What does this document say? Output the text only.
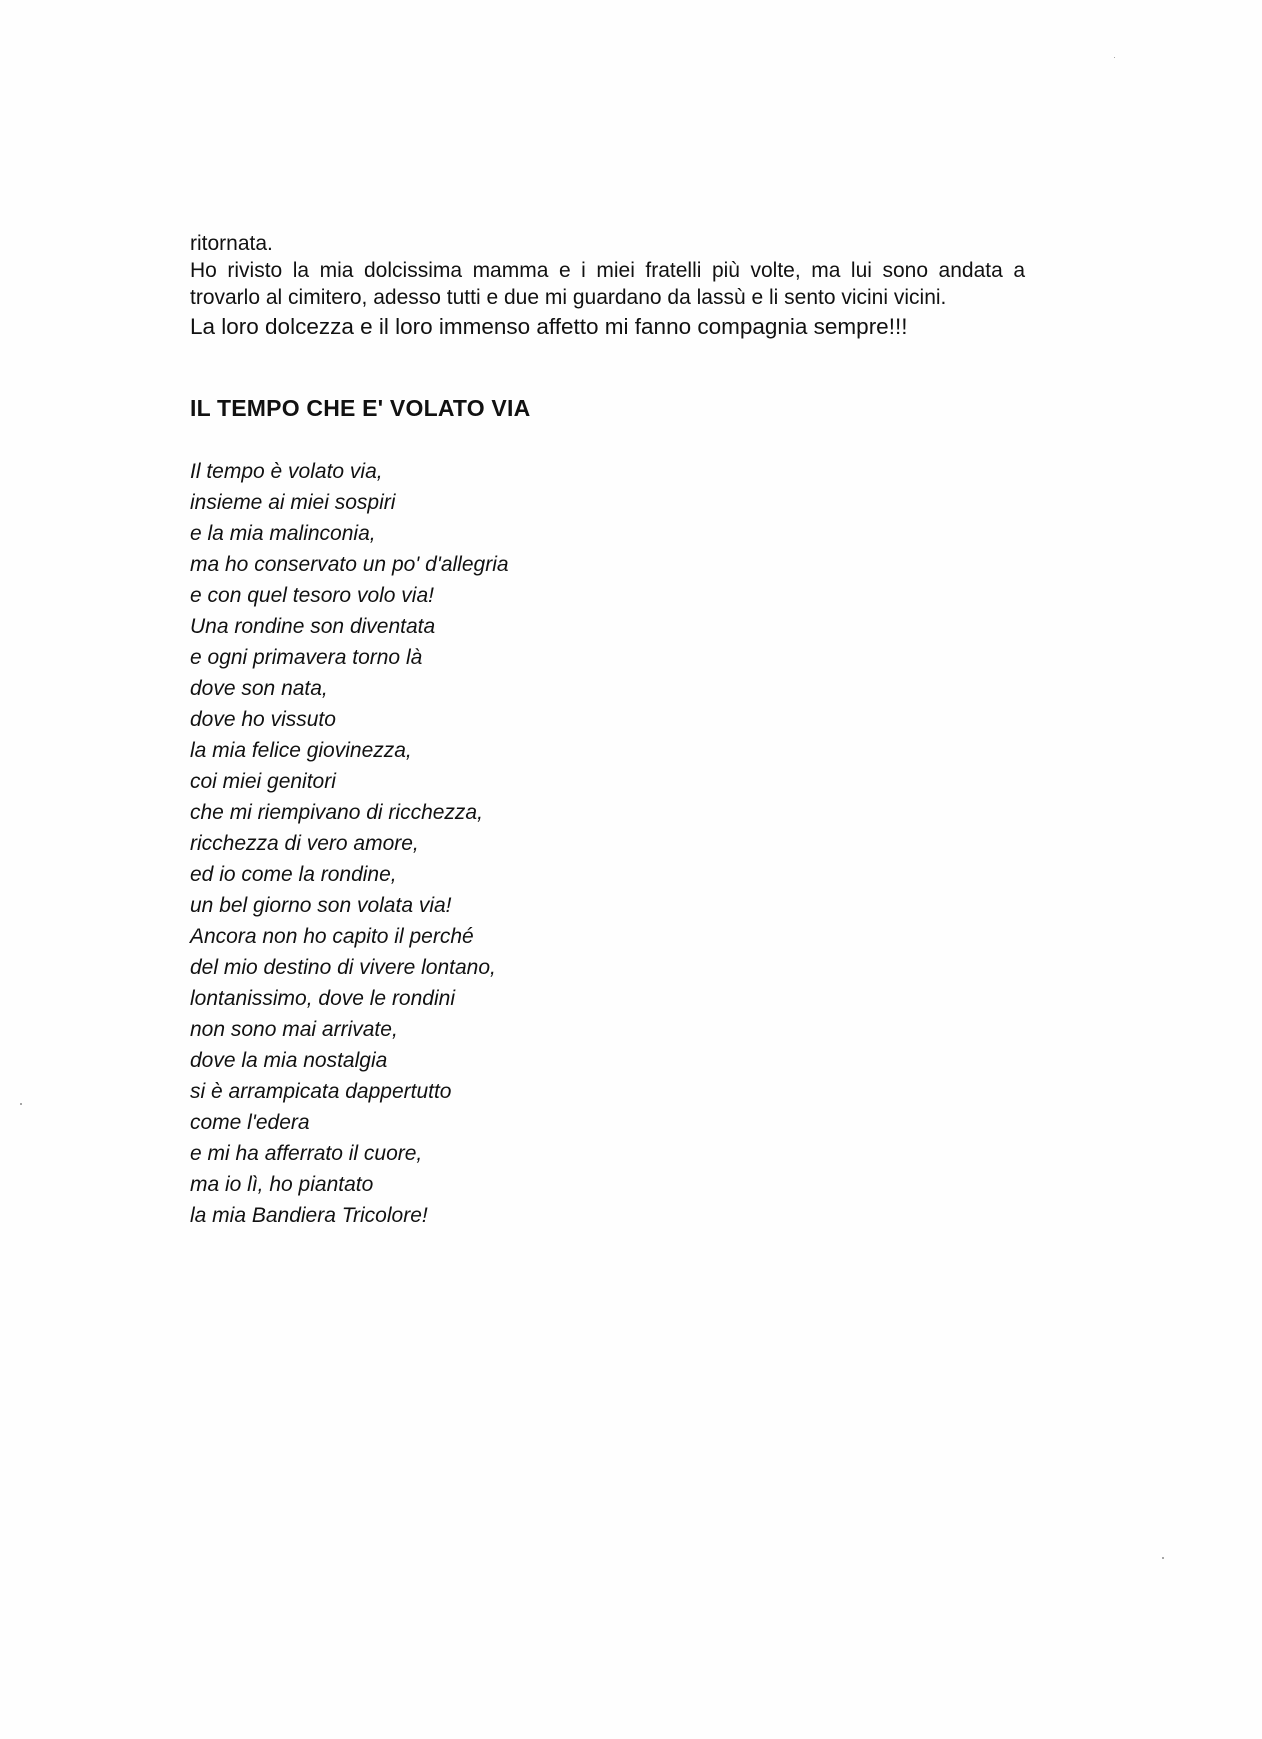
ritornata.

Ho rivisto la mia dolcissima mamma e i miei fratelli più volte, ma lui sono andata a trovarlo al cimitero, adesso tutti e due mi guardano da lassù e li sento vicini vicini.

La loro dolcezza e il loro immenso affetto mi fanno compagnia sempre!!!

IL TEMPO CHE E' VOLATO VIA
Il tempo è volato via,
insieme ai miei sospiri
e la mia malinconia,
ma ho conservato un po' d'allegria
e con quel tesoro volo via!
Una rondine son diventata
e ogni primavera torno là
dove son nata,
dove ho vissuto
la mia felice giovinezza,
coi miei genitori
che mi riempivano di ricchezza,
ricchezza di vero amore,
ed io come la rondine,
un bel giorno son volata via!
Ancora non ho capito il perché
del mio destino di vivere lontano,
lontanissimo, dove le rondini
non sono mai arrivate,
dove la mia nostalgia
si è arrampicata dappertutto
come l'edera
e mi ha afferrato il cuore,
ma io lì, ho piantato
la mia Bandiera Tricolore!
